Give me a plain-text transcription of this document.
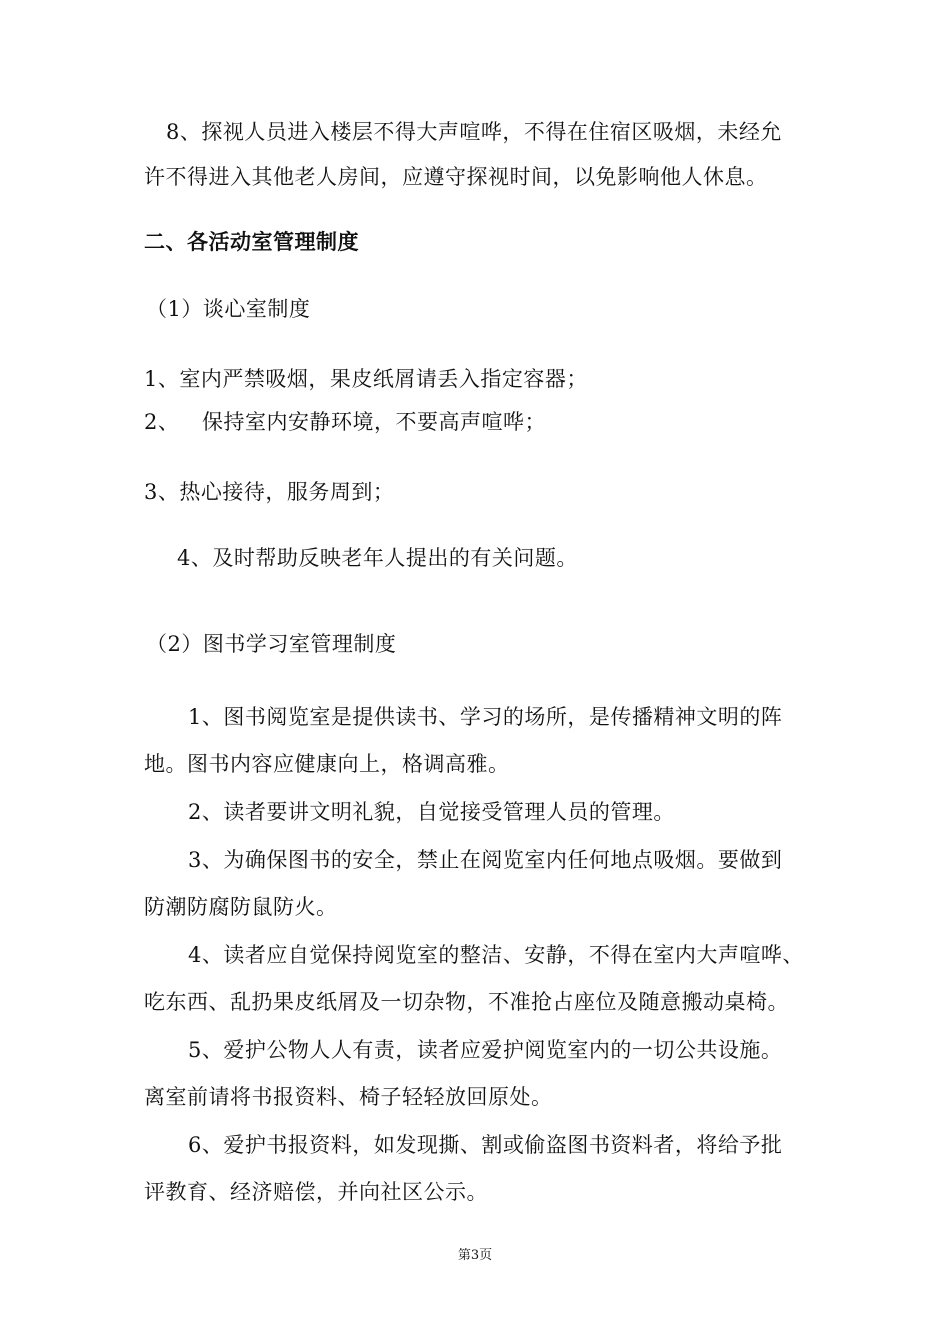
8、探视人员进入楼层不得大声喧哗，不得在住宿区吸烟，未经允
许不得进入其他老人房间，应遵守探视时间，以免影响他人休息。
二、各活动室管理制度
（1）谈心室制度
1、室内严禁吸烟，果皮纸屑请丢入指定容器；
2、 保持室内安静环境，不要高声喧哗；
3、热心接待，服务周到；
4、及时帮助反映老年人提出的有关问题。
（2）图书学习室管理制度
1、图书阅览室是提供读书、学习的场所，是传播精神文明的阵
地。图书内容应健康向上，格调高雅。
2、读者要讲文明礼貌，自觉接受管理人员的管理。
3、为确保图书的安全，禁止在阅览室内任何地点吸烟。要做到
防潮防腐防鼠防火。
4、读者应自觉保持阅览室的整洁、安静，不得在室内大声喧哗、
吃东西、乱扔果皮纸屑及一切杂物，不准抢占座位及随意搬动桌椅。
5、爱护公物人人有责，读者应爱护阅览室内的一切公共设施。
离室前请将书报资料、椅子轻轻放回原处。
6、爱护书报资料，如发现撕、割或偷盗图书资料者，将给予批
评教育、经济赔偿，并向社区公示。
第3页
